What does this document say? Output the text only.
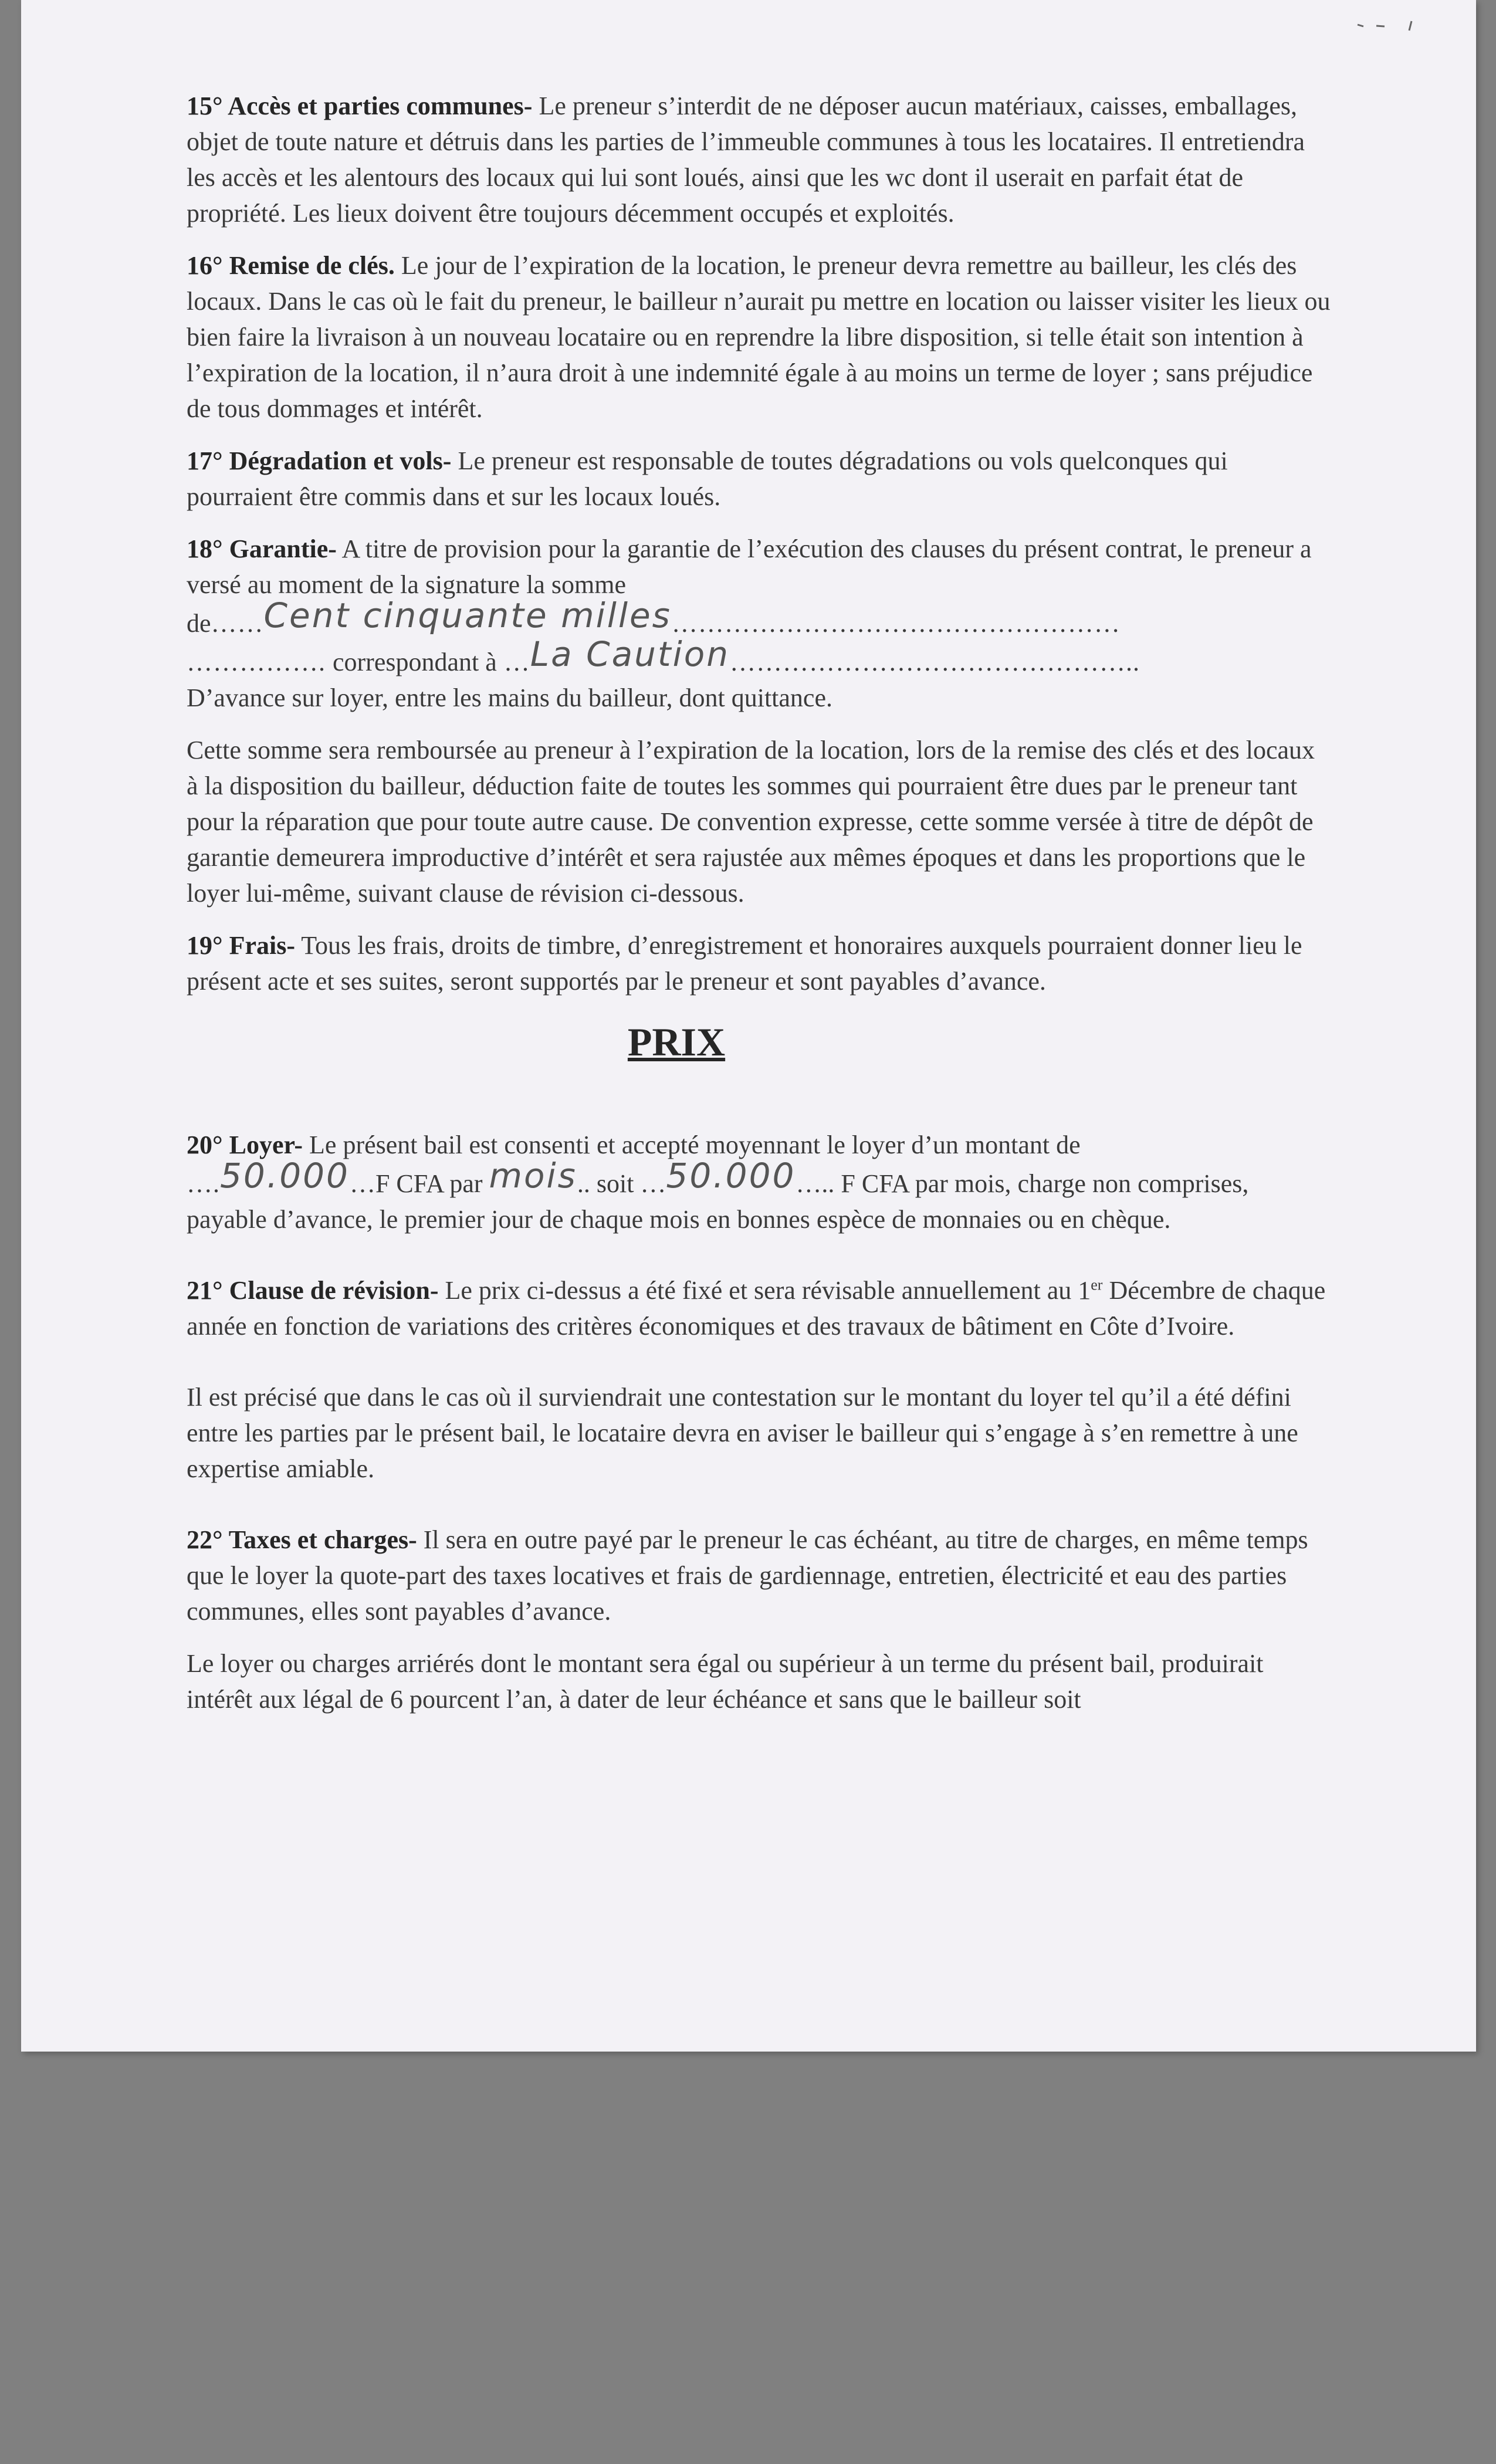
15° Accès et parties communes- Le preneur s’interdit de ne déposer aucun matériaux, caisses, emballages, objet de toute nature et détruis dans les parties de l’immeuble communes à tous les locataires. Il entretiendra les accès et les alentours des locaux qui lui sont loués, ainsi que les wc dont il userait en parfait état de propriété. Les lieux doivent être toujours décemment occupés et exploités.

16° Remise de clés. Le jour de l’expiration de la location, le preneur devra remettre au bailleur, les clés des locaux. Dans le cas où le fait du preneur, le bailleur n’aurait pu mettre en location ou laisser visiter les lieux ou bien faire la livraison à un nouveau locataire ou en reprendre la libre disposition, si telle était son intention à l’expiration de la location, il n’aura droit à une indemnité égale à au moins un terme de loyer ; sans préjudice de tous dommages et intérêt.

17° Dégradation et vols- Le preneur est responsable de toutes dégradations ou vols quelconques qui pourraient être commis dans et sur les locaux loués.

18° Garantie- A titre de provision pour la garantie de l’exécution des clauses du présent contrat, le preneur a versé au moment de la signature la somme
de……Cent cinquante milles……………………………………………
……………. correspondant à …La Caution………………………………………..
D’avance sur loyer, entre les mains du bailleur, dont quittance.

Cette somme sera remboursée au preneur à l’expiration de la location, lors de la remise des clés et des locaux à la disposition du bailleur, déduction faite de toutes les sommes qui pourraient être dues par le preneur tant pour la réparation que pour toute autre cause. De convention expresse, cette somme versée à titre de dépôt de garantie demeurera improductive d’intérêt et sera rajustée aux mêmes époques et dans les proportions que le loyer lui-même, suivant clause de révision ci-dessous.

19° Frais- Tous les frais, droits de timbre, d’enregistrement et honoraires auxquels pourraient donner lieu le présent acte et ses suites, seront supportés par le preneur et sont payables d’avance.

PRIX

20° Loyer- Le présent bail est consenti et accepté moyennant le loyer d’un montant de
….50.000…F CFA par mois.. soit …50.000….. F CFA par mois, charge non comprises, payable d’avance, le premier jour de chaque mois en bonnes espèce de monnaies ou en chèque.

21° Clause de révision- Le prix ci-dessus a été fixé et sera révisable annuellement au 1er Décembre de chaque année en fonction de variations des critères économiques et des travaux de bâtiment en Côte d’Ivoire.

Il est précisé que dans le cas où il surviendrait une contestation sur le montant du loyer tel qu’il a été défini entre les parties par le présent bail, le locataire devra en aviser le bailleur qui s’engage à s’en remettre à une expertise amiable.

22° Taxes et charges- Il sera en outre payé par le preneur le cas échéant, au titre de charges, en même temps que le loyer la quote-part des taxes locatives et frais de gardiennage, entretien, électricité et eau des parties communes, elles sont payables d’avance.

Le loyer ou charges arriérés dont le montant sera égal ou supérieur à un terme du présent bail, produirait intérêt aux légal de 6 pourcent l’an, à dater de leur échéance et sans que le bailleur soit
